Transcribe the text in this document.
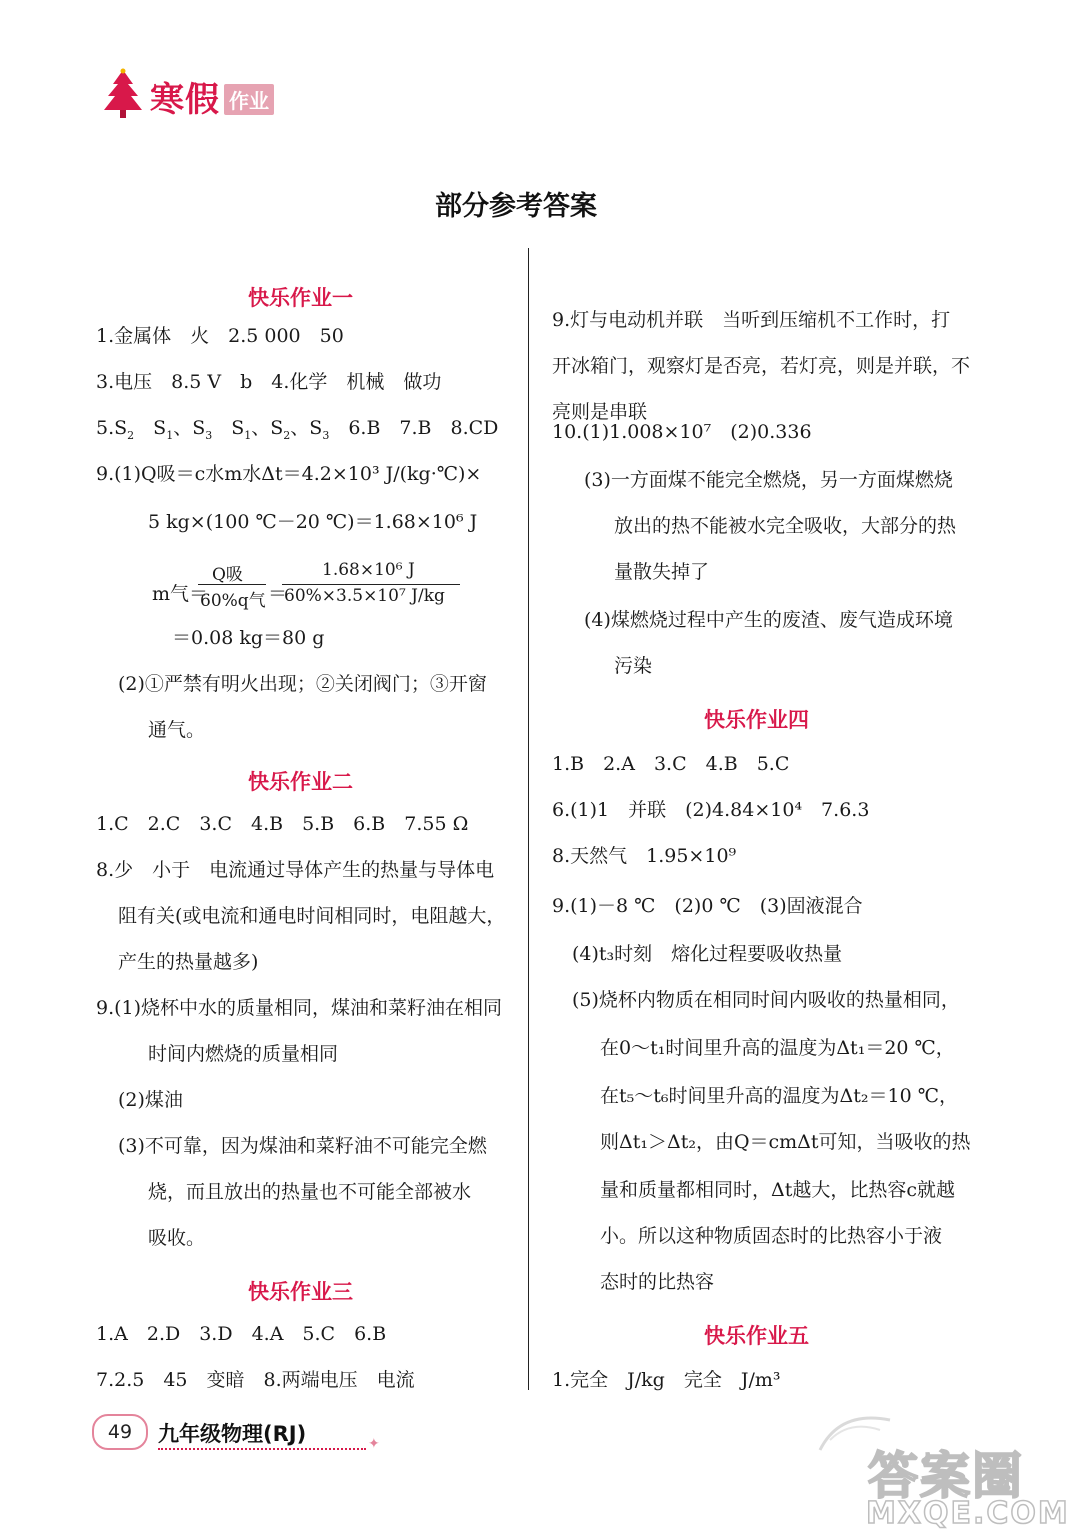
寒假 作业
部分参考答案
快乐作业一
1.金属体　火　2.5 000　50
3.电压　8.5 V　b　4.化学　机械　做功
$5.S_2$　$S_1$、$S_3$　$S_1$、$S_2$、$S_3$　6.B　7.B　8.CD
9.(1)Q吸＝c水m水Δt＝4.2×10³ J/(kg·℃)×
5 kg×(100 ℃－20 ℃)＝1.68×10⁶ J
m气＝
Q吸
60%q气 ＝
1.68×10⁶ J
60%×3.5×10⁷ J/kg
＝0.08 kg＝80 g
(2)①严禁有明火出现；②关闭阀门；③开窗
通气。
快乐作业二
1.C　2.C　3.C　4.B　5.B　6.B　7.55 Ω
8.少　小于　电流通过导体产生的热量与导体电
阻有关(或电流和通电时间相同时，电阻越大，
产生的热量越多)
9.(1)烧杯中水的质量相同，煤油和菜籽油在相同
时间内燃烧的质量相同
(2)煤油
(3)不可靠，因为煤油和菜籽油不可能完全燃
烧，而且放出的热量也不可能全部被水
吸收。
快乐作业三
1.A　2.D　3.D　4.A　5.C　6.B
7.2.5　45　变暗　8.两端电压　电流
9.灯与电动机并联　当听到压缩机不工作时，打
开冰箱门，观察灯是否亮，若灯亮，则是并联，不
亮则是串联
10.(1)1.008×10⁷　(2)0.336
(3)一方面煤不能完全燃烧，另一方面煤燃烧
放出的热不能被水完全吸收，大部分的热
量散失掉了
(4)煤燃烧过程中产生的废渣、废气造成环境
污染
快乐作业四
1.B　2.A　3.C　4.B　5.C
6.(1)1　并联　(2)4.84×10⁴　7.6.3
8.天然气　1.95×10⁹
9.(1)－8 ℃　(2)0 ℃　(3)固液混合
(4)t₃时刻　熔化过程要吸收热量
(5)烧杯内物质在相同时间内吸收的热量相同，
在0～t₁时间里升高的温度为Δt₁＝20 ℃，
在t₅～t₆时间里升高的温度为Δt₂＝10 ℃，
则Δt₁＞Δt₂，由Q＝cmΔt可知，当吸收的热
量和质量都相同时，Δt越大，比热容c就越
小。所以这种物质固态时的比热容小于液
态时的比热容
快乐作业五
1.完全　J/kg　完全　J/m³
49	九年级物理(RJ)	✦
答案圈
MXQE.COM
